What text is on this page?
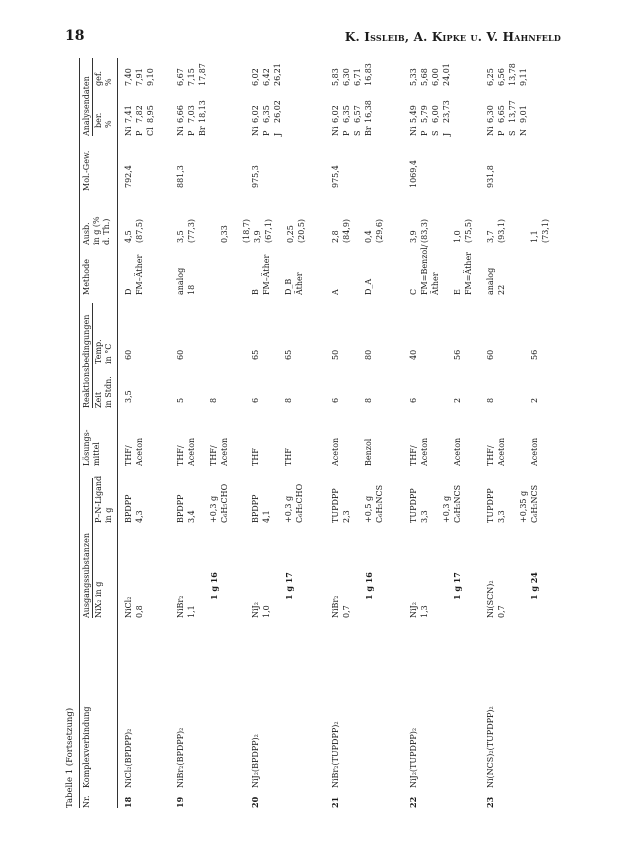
18	K. Issleib, A. Kipke u. V. Hahnfeld
Tabelle 1 (Fortsetzung) Nr.
Komplexverbindung
Ausgangssubstanzen NiX₂ in g
P–N-Ligand
in g
Lösungs-
mittel
Reaktionsbedingungen Zeit
in Stdn.
Temp.
in °C
Methode
Ausb.
in g (%
d. Th.)
Mol.-Gew.
Analysendaten ber.
%
gef.
%
18
NiCl₂(BPDPP)₂
NiCl₂
0,8
BPDPP
4,3
THF/
Aceton
3,5
60
D
FM–Äther
4,5
(87,5)
792,4
Ni
P
Cl
7,41
7,82
8,95
7,40
7,91
9,10
19
NiBr₂(BPDPP)₂
NiBr₂
1,1
1 g 16
BPDPP
3,4

+0,3 g
C₆H₅CHO
THF/
Aceton

THF/
Aceton
5

8
60
analog
18
3,5
(77,3)

0,33
881,3
Ni
P
Br
6,66
7,03
18,13
6,67
7,15
17,87
20
NiJ₂(BPDPP)₂
NiJ₂
1,0
1 g 17
BPDPP
4,1

+0,3 g
C₆H₅CHO
THF

THF
6

8
65

65
B
FM–Äther

D_B
Äther
(18,7)
3,9
(67,1)

0,25
(20,5)
975,3
Ni
P
J
6,02
6,35
26,02
6,02
6,42
26,21
21
NiBr₂(TUPDPP)₂
NiBr₂
0,7
1 g 16
TUPDPP
2,3

+0,5 g
C₆H₅NCS
Aceton

Benzol
6

8
50

80
A

D_A
2,8
(84,9)

0,4
(29,6)
975,4
Ni
P
S
Br
6,02
6,35
6,57
16,38
5,83
6,30
6,71
16,83
22
NiJ₂(TUPDPP)₂
NiJ₂
1,3
1 g 17
TUPDPP
3,3

+0,3 g
C₆H₅NCS
THF/
Aceton

Aceton
6

2
40

56
C
FM=Benzol/
Äther

E
FM=Äther
3,9
(83,3)

1,0
(75,5)
1069,4
Ni
P
S
J
5,49
5,79
6,00
23,73
5,33
5,68
6,00
24,01
23
Ni(NCS)₂(TUPDPP)₂
Ni(SCN)₂
0,7
1 g 24
TUPDPP
3,3

+0,35 g
C₆H₅NCS
THF/
Aceton

Aceton
8

2
60

56
analog
22
3,7
(93,1)

1,1
(73,1)
931,8
Ni
P
S
N
6,30
6,65
13,77
9,01
6,25
6,56
13,78
9,11
